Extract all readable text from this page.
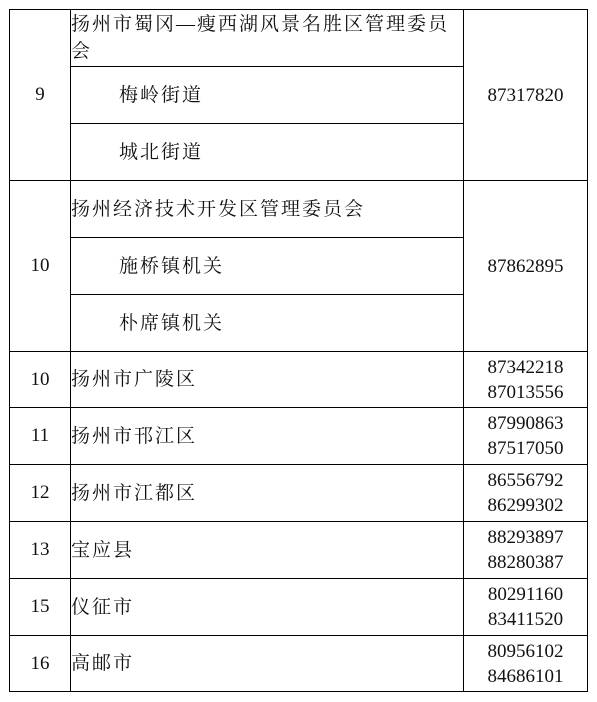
9	扬州市蜀冈—瘦西湖风景名胜区管理委员会	87317820

	梅岭街道	
	城北街道	
10	扬州经济技术开发区管理委员会	87862895

	施桥镇机关	
	朴席镇机关	
10	扬州市广陵区	87342218
87013556

11	扬州市邗江区	87990863
87517050

12	扬州市江都区	86556792
86299302

13	宝应县	88293897
88280387

15	仪征市	80291160
83411520

16	高邮市	80956102
84686101
